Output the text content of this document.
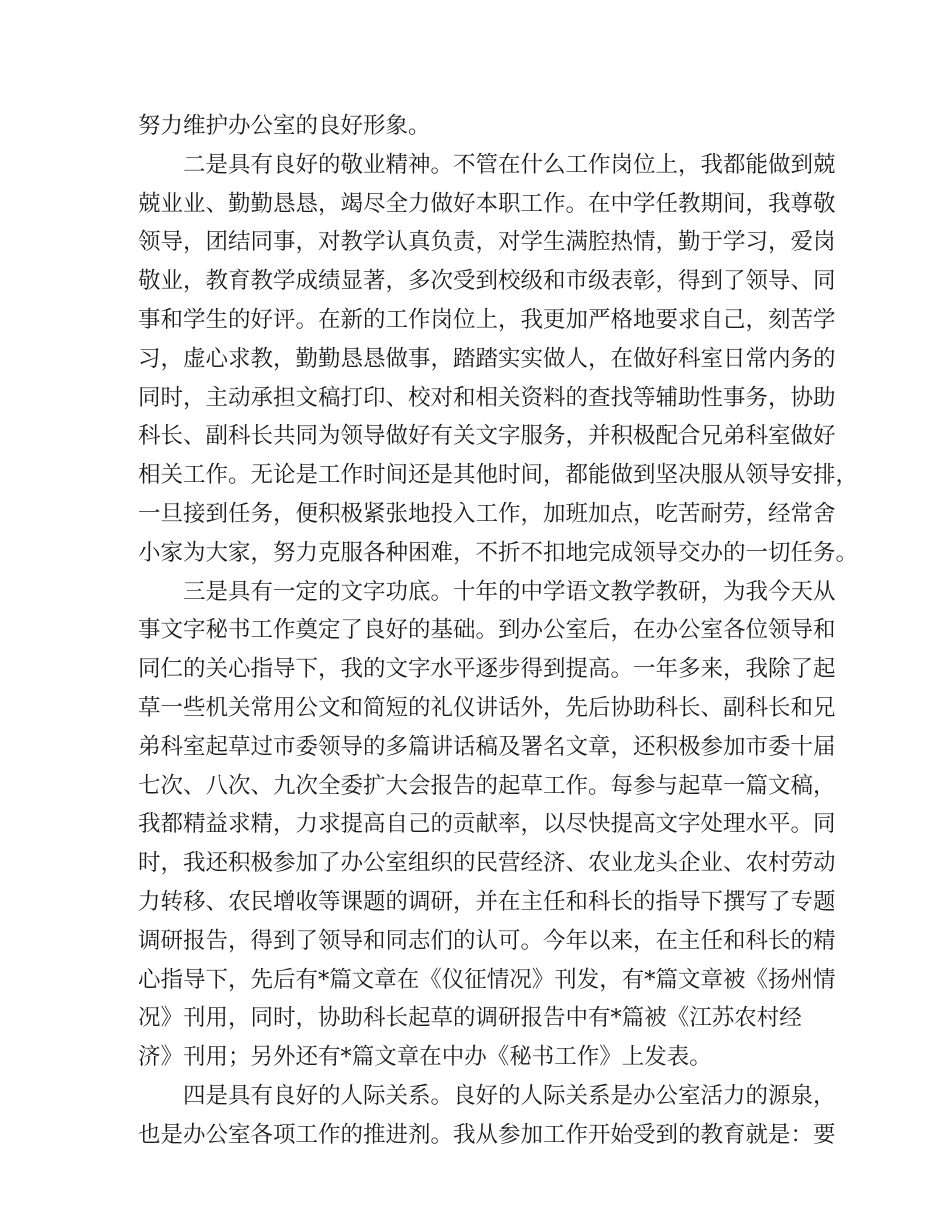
努力维护办公室的良好形象。
二是具有良好的敬业精神。不管在什么工作岗位上，我都能做到兢
兢业业、勤勤恳恳，竭尽全力做好本职工作。在中学任教期间，我尊敬
领导，团结同事，对教学认真负责，对学生满腔热情，勤于学习，爱岗
敬业，教育教学成绩显著，多次受到校级和市级表彰，得到了领导、同
事和学生的好评。在新的工作岗位上，我更加严格地要求自己，刻苦学
习，虚心求教，勤勤恳恳做事，踏踏实实做人，在做好科室日常内务的
同时，主动承担文稿打印、校对和相关资料的查找等辅助性事务，协助
科长、副科长共同为领导做好有关文字服务，并积极配合兄弟科室做好
相关工作。无论是工作时间还是其他时间，都能做到坚决服从领导安排，
一旦接到任务，便积极紧张地投入工作，加班加点，吃苦耐劳，经常舍
小家为大家，努力克服各种困难，不折不扣地完成领导交办的一切任务。
三是具有一定的文字功底。十年的中学语文教学教研，为我今天从
事文字秘书工作奠定了良好的基础。到办公室后，在办公室各位领导和
同仁的关心指导下，我的文字水平逐步得到提高。一年多来，我除了起
草一些机关常用公文和简短的礼仪讲话外，先后协助科长、副科长和兄
弟科室起草过市委领导的多篇讲话稿及署名文章，还积极参加市委十届
七次、八次、九次全委扩大会报告的起草工作。每参与起草一篇文稿，
我都精益求精，力求提高自己的贡献率，以尽快提高文字处理水平。同
时，我还积极参加了办公室组织的民营经济、农业龙头企业、农村劳动
力转移、农民增收等课题的调研，并在主任和科长的指导下撰写了专题
调研报告，得到了领导和同志们的认可。今年以来，在主任和科长的精
心指导下，先后有*篇文章在《仪征情况》刊发，有*篇文章被《扬州情
况》刊用，同时，协助科长起草的调研报告中有*篇被《江苏农村经
济》刊用；另外还有*篇文章在中办《秘书工作》上发表。
四是具有良好的人际关系。良好的人际关系是办公室活力的源泉，
也是办公室各项工作的推进剂。我从参加工作开始受到的教育就是：要
